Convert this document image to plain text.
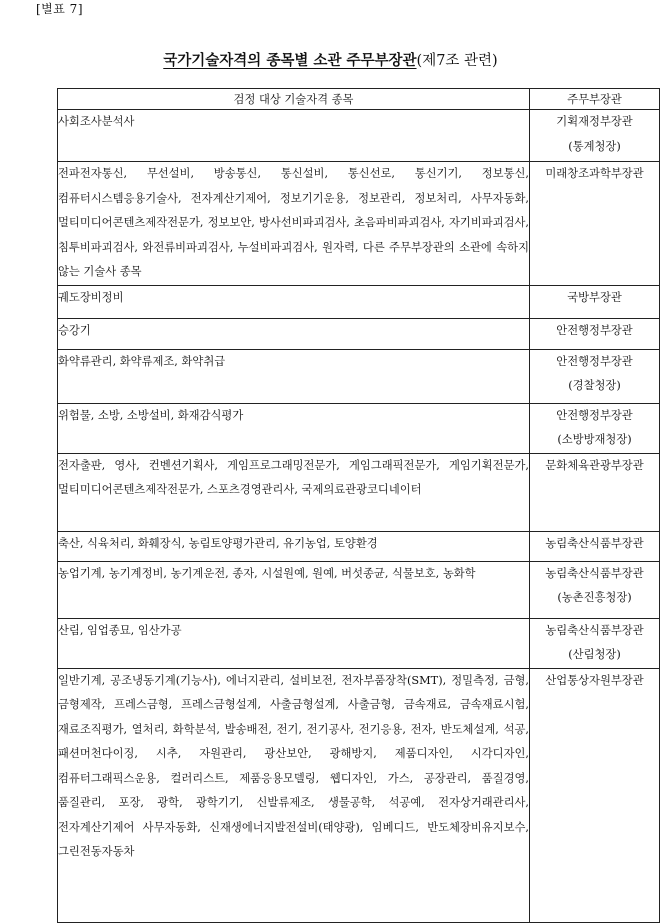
[별표 7]
국가기술자격의 종목별 소관 주무부장관(제7조 관련)
검정 대상 기술자격 종목	주무부장관
사회조사분석사	기획재정부장관
(통계청장)

전파전자통신, 무선설비, 방송통신, 통신설비, 통신선로, 통신기기, 정보통신, 컴퓨터시스템응용기술사, 전자계산기제어, 정보기기운용, 정보관리, 정보처리, 사무자동화, 멀티미디어콘텐츠제작전문가, 정보보안, 방사선비파괴검사, 초음파비파괴검사, 자기비파괴검사, 침투비파괴검사, 와전류비파괴검사, 누설비파괴검사, 원자력, 다른 주무부장관의 소관에 속하지 않는 기술사 종목	미래창조과학부장관

궤도장비정비	국방부장관

승강기	안전행정부장관

화약류관리, 화약류제조, 화약취급	안전행정부장관
(경찰청장)

위험물, 소방, 소방설비, 화재감식평가	안전행정부장관
(소방방재청장)

전자출판, 영사, 컨벤션기획사, 게임프로그래밍전문가, 게임그래픽전문가, 게임기획전문가, 멀티미디어콘텐츠제작전문가, 스포츠경영관리사, 국제의료관광코디네이터	문화체육관광부장관

축산, 식육처리, 화훼장식, 농림토양평가관리, 유기농업, 토양환경	농림축산식품부장관

농업기계, 농기계정비, 농기계운전, 종자, 시설원예, 원예, 버섯종균, 식물보호, 농화학	농림축산식품부장관
(농촌진흥청장)

산림, 임업종묘, 임산가공	농림축산식품부장관
(산림청장)

일반기계, 공조냉동기계(기능사), 에너지관리, 설비보전, 전자부품장착(SMT), 정밀측정, 금형, 금형제작, 프레스금형, 프레스금형설계, 사출금형설계, 사출금형, 금속재료, 금속재료시험, 재료조직평가, 열처리, 화학분석, 발송배전, 전기, 전기공사, 전기응용, 전자, 반도체설계, 석공, 패션머천다이징, 시추, 자원관리, 광산보안, 광해방지, 제품디자인, 시각디자인, 컴퓨터그래픽스운용, 컬러리스트, 제품응용모델링, 웹디자인, 가스, 공장관리, 품질경영, 품질관리, 포장, 광학, 광학기기, 신발류제조, 생물공학, 석공예, 전자상거래관리사, 전자계산기제어 사무자동화, 신재생에너지발전설비(태양광), 임베디드, 반도체장비유지보수, 그린전동자동차	산업통상자원부장관
